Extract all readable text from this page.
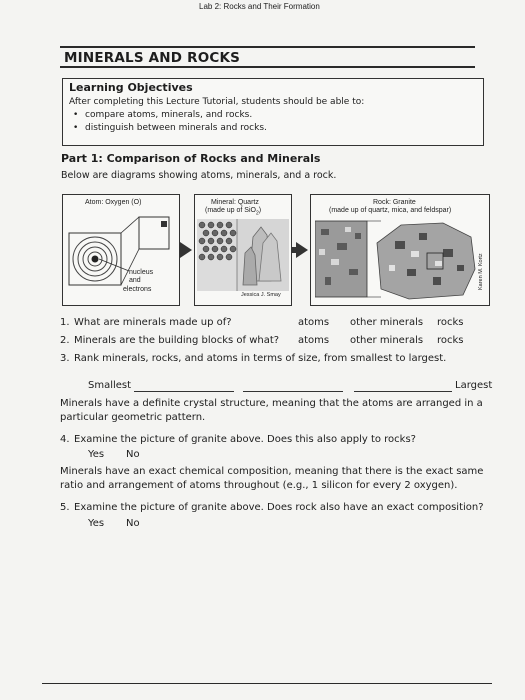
Lab 2: Rocks and Their Formation
MINERALS AND ROCKS
Learning Objectives
After completing this Lecture Tutorial, students should be able to:
• compare atoms, minerals, and rocks.
• distinguish between minerals and rocks.
Part 1: Comparison of Rocks and Minerals
Below are diagrams showing atoms, minerals, and a rock.
Atom: Oxygen (O)
nucleus
and
electrons
Mineral: Quartz
(made up of SiO$_2$)
Jessica J. Smay
Rock: Granite
(made up of quartz, mica, and feldspar)
Karen M. Kortz
1. What are minerals made up of?	atoms other minerals rocks
2. Minerals are the building blocks of what? atoms other minerals rocks
3. Rank minerals, rocks, and atoms in terms of size, from smallest to largest.
Smallest	Largest
Minerals have a definite crystal structure, meaning that the atoms are arranged in a particular geometric pattern.
4. Examine the picture of granite above. Does this also apply to rocks?
Yes No
Minerals have an exact chemical composition, meaning that there is the exact same ratio and arrangement of atoms throughout (e.g., 1 silicon for every 2 oxygen).
5. Examine the picture of granite above. Does rock also have an exact composition?
Yes No
